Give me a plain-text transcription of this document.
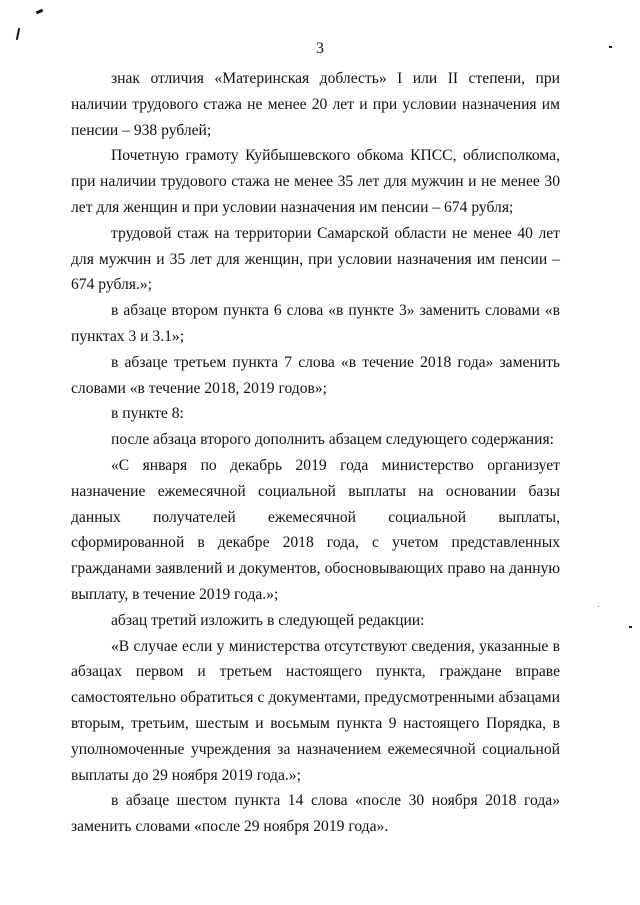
3

знак отличия «Материнская доблесть» I или II степени, при наличии трудового стажа не менее 20 лет и при условии назначения им пенсии – 938 рублей;

Почетную грамоту Куйбышевского обкома КПСС, облисполкома, при наличии трудового стажа не менее 35 лет для мужчин и не менее 30 лет для женщин и при условии назначения им пенсии – 674 рубля;

трудовой стаж на территории Самарской области не менее 40 лет для мужчин и 35 лет для женщин, при условии назначения им пенсии – 674 рубля.»;

в абзаце втором пункта 6 слова «в пункте 3» заменить словами «в пунктах 3 и 3.1»;

в абзаце третьем пункта 7 слова «в течение 2018 года» заменить словами «в течение 2018, 2019 годов»;

в пункте 8:

после абзаца второго дополнить абзацем следующего содержания:

«С января по декабрь 2019 года министерство организует назначение ежемесячной социальной выплаты на основании базы данных получателей ежемесячной социальной выплаты, сформированной в декабре 2018 года, с учетом представленных гражданами заявлений и документов, обосновывающих право на данную выплату, в течение 2019 года.»;

абзац третий изложить в следующей редакции:

«В случае если у министерства отсутствуют сведения, указанные в абзацах первом и третьем настоящего пункта, граждане вправе самостоятельно обратиться с документами, предусмотренными абзацами вторым, третьим, шестым и восьмым пункта 9 настоящего Порядка, в уполномоченные учреждения за назначением ежемесячной социальной выплаты до 29 ноября 2019 года.»;

в абзаце шестом пункта 14 слова «после 30 ноября 2018 года» заменить словами «после 29 ноября 2019 года».
